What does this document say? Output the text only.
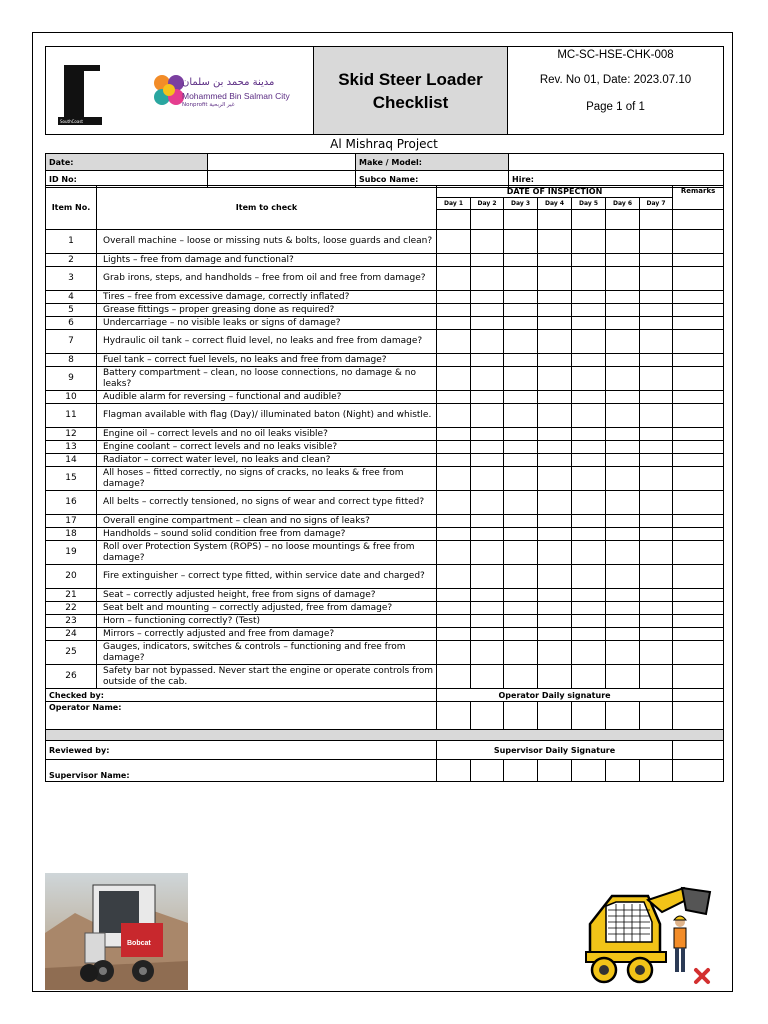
SouthCoast
مدينة محمد بن سلمان
Mohammed Bin Salman City
Nonprofit غير الربحية

Skid Steer Loader
Checklist

MC-SC-HSE-CHK-008
Rev. No 01, Date: 2023.07.10
Page 1 of 1
Al Mishraq Project
Date:		Make / Model:	
ID No:		Subco Name:	Hire:
Item No.	Item to check	DATE OF INSPECTION							Remarks
		Day 1	Day 2	Day 3	Day 4	Day 5	Day 6	Day 7	

1	Overall machine – loose or missing nuts & bolts, loose guards and clean?								
2	Lights – free from damage and functional?								
3	Grab irons, steps, and handholds – free from oil and free from damage?								
4	Tires – free from excessive damage, correctly inflated?								
5	Grease fittings – proper greasing done as required?								
6	Undercarriage – no visible leaks or signs of damage?								
7	Hydraulic oil tank – correct fluid level, no leaks and free from damage?								
8	Fuel tank – correct fuel levels, no leaks and free from damage?								
9	Battery compartment – clean, no loose connections, no damage & no leaks?								
10	Audible alarm for reversing – functional and audible?								
11	Flagman available with flag (Day)/ illuminated baton (Night) and whistle.								
12	Engine oil – correct levels and no oil leaks visible?								
13	Engine coolant – correct levels and no leaks visible?								
14	Radiator – correct water level, no leaks and clean?								
15	All hoses – fitted correctly, no signs of cracks, no leaks & free from damage?								
16	All belts – correctly tensioned, no signs of wear and correct type fitted?								
17	Overall engine compartment – clean and no signs of leaks?								
18	Handholds – sound solid condition free from damage?								
19	Roll over Protection System (ROPS) – no loose mountings & free from damage?								
20	Fire extinguisher – correct type fitted, within service date and charged?								
21	Seat – correctly adjusted height, free from signs of damage?								
22	Seat belt and mounting – correctly adjusted, free from damage?								
23	Horn – functioning correctly? (Test)								
24	Mirrors – correctly adjusted and free from damage?								
25	Gauges, indicators, switches & controls – functioning and free from damage?								
26	Safety bar not bypassed. Never start the engine or operate controls from outside of the cab.								
Checked by:		Operator Daily signature							
Operator Name:									

Reviewed by:		Supervisor Daily Signature							
Supervisor Name:									
Bobcat
